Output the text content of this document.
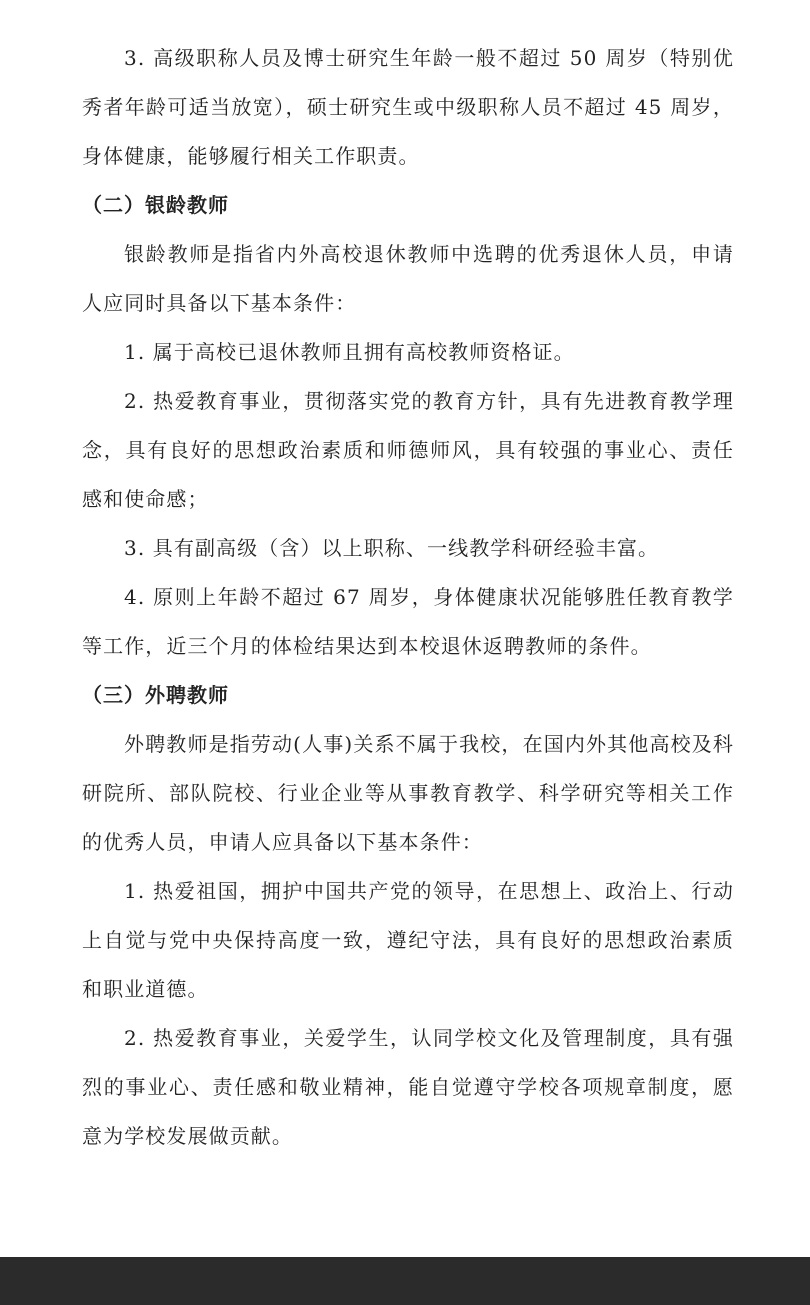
3. 高级职称人员及博士研究生年龄一般不超过 50 周岁（特别优秀者年龄可适当放宽），硕士研究生或中级职称人员不超过 45 周岁，身体健康，能够履行相关工作职责。

（二）银龄教师

银龄教师是指省内外高校退休教师中选聘的优秀退休人员，申请人应同时具备以下基本条件：

1. 属于高校已退休教师且拥有高校教师资格证。

2. 热爱教育事业，贯彻落实党的教育方针，具有先进教育教学理念，具有良好的思想政治素质和师德师风，具有较强的事业心、责任感和使命感；

3. 具有副高级（含）以上职称、一线教学科研经验丰富。

4. 原则上年龄不超过 67 周岁，身体健康状况能够胜任教育教学等工作，近三个月的体检结果达到本校退休返聘教师的条件。

（三）外聘教师

外聘教师是指劳动(人事)关系不属于我校，在国内外其他高校及科研院所、部队院校、行业企业等从事教育教学、科学研究等相关工作的优秀人员，申请人应具备以下基本条件：

1. 热爱祖国，拥护中国共产党的领导，在思想上、政治上、行动上自觉与党中央保持高度一致，遵纪守法，具有良好的思想政治素质和职业道德。

2. 热爱教育事业，关爱学生，认同学校文化及管理制度，具有强烈的事业心、责任感和敬业精神，能自觉遵守学校各项规章制度，愿意为学校发展做贡献。
